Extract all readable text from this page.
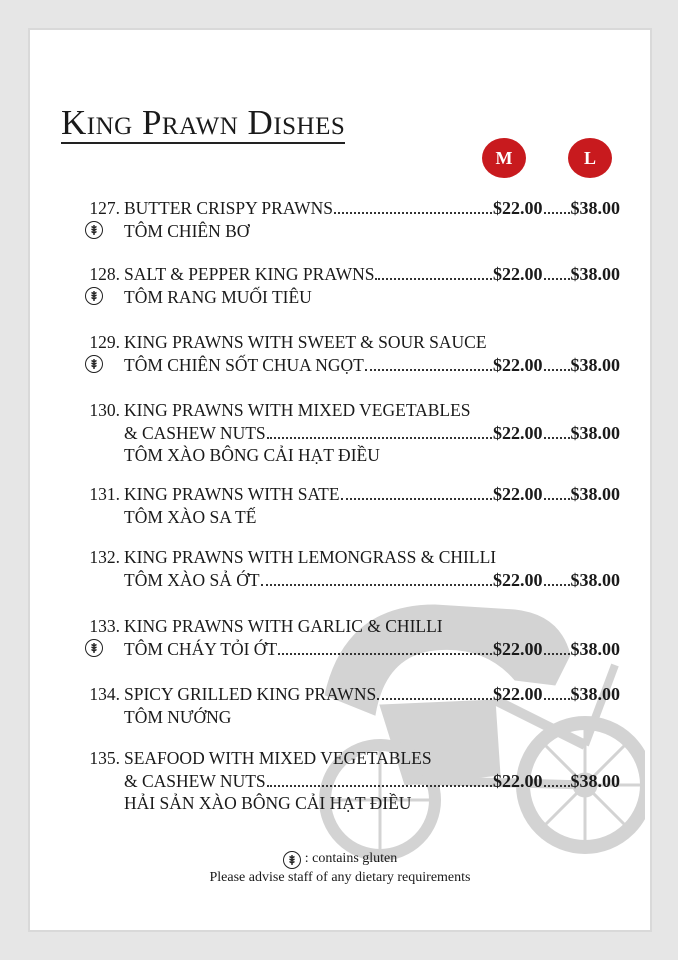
King Prawn Dishes
M	L
127. BUTTER CRISPY PRAWNS	$22.00 $38.00
TÔM CHIÊN BƠ
128. SALT & PEPPER KING PRAWNS	$22.00 $38.00
TÔM RANG MUỐI TIÊU
129. KING PRAWNS WITH SWEET & SOUR SAUCE
TÔM CHIÊN SỐT CHUA NGỌT	$22.00 $38.00
130. KING PRAWNS WITH MIXED VEGETABLES
& CASHEW NUTS	$22.00 $38.00
TÔM XÀO BÔNG CẢI HẠT ĐIỀU
131. KING PRAWNS WITH SATE	$22.00 $38.00
TÔM XÀO SA TẾ
132. KING PRAWNS WITH LEMONGRASS & CHILLI
TÔM XÀO SẢ ỚT	$22.00 $38.00
133. KING PRAWNS WITH GARLIC & CHILLI
TÔM CHÁY TỎI ỚT	$22.00 $38.00
134. SPICY GRILLED KING PRAWNS	$22.00 $38.00
TÔM NƯỚNG
135. SEAFOOD WITH MIXED VEGETABLES
& CASHEW NUTS	$22.00 $38.00
HẢI SẢN XÀO BÔNG CẢI HẠT ĐIỀU
: contains gluten
Please advise staff of any dietary requirements
